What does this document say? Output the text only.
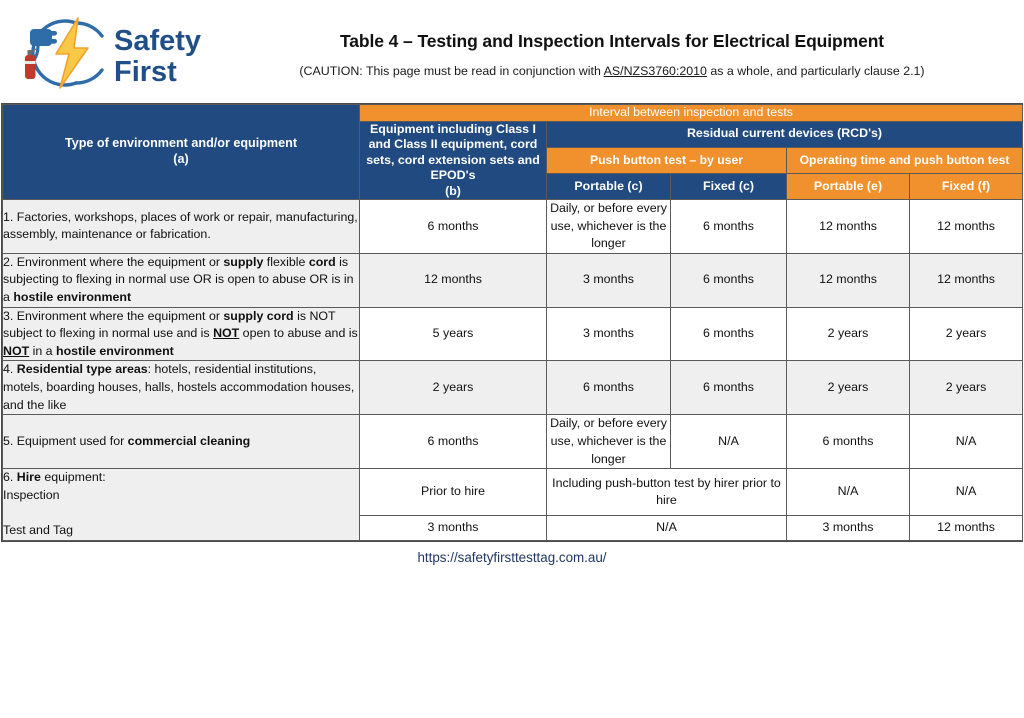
Safety
First
Table 4 – Testing and Inspection Intervals for Electrical Equipment
(CAUTION: This page must be read in conjunction with AS/NZS3760:2010 as a whole, and particularly clause 2.1)
Type of environment and/or equipment
(a)	Interval between inspection and tests				

	Equipment including Class I
and Class II equipment, cord
sets, cord extension sets and
EPOD's
(b)	Residual current devices (RCD's)			
		Push button test – by user		Operating time and push button test	
		Portable (c)	Fixed (c)	Portable (e)	Fixed (f)
1. Factories, workshops, places of work or repair, manufacturing, assembly, maintenance or fabrication.	6 months	Daily, or before every use, whichever is the longer	6 months	12 months	12 months
2. Environment where the equipment or supply flexible cord is subjecting to flexing in normal use OR is open to abuse OR is in a hostile environment	12 months	3 months	6 months	12 months	12 months
3. Environment where the equipment or supply cord is NOT subject to flexing in normal use and is NOT open to abuse and is NOT in a hostile environment	5 years	3 months	6 months	2 years	2 years
4. Residential type areas: hotels, residential institutions, motels, boarding houses, halls, hostels accommodation houses, and the like	2 years	6 months	6 months	2 years	2 years
5. Equipment used for commercial cleaning	6 months	Daily, or before every use, whichever is the longer	N/A	6 months	N/A
6. Hire equipment:
Inspection

Test and Tag	Prior to hire	Including push-button test by hirer prior to hire		N/A	N/A
	3 months	N/A		3 months	12 months
https://safetyfirsttesttag.com.au/
